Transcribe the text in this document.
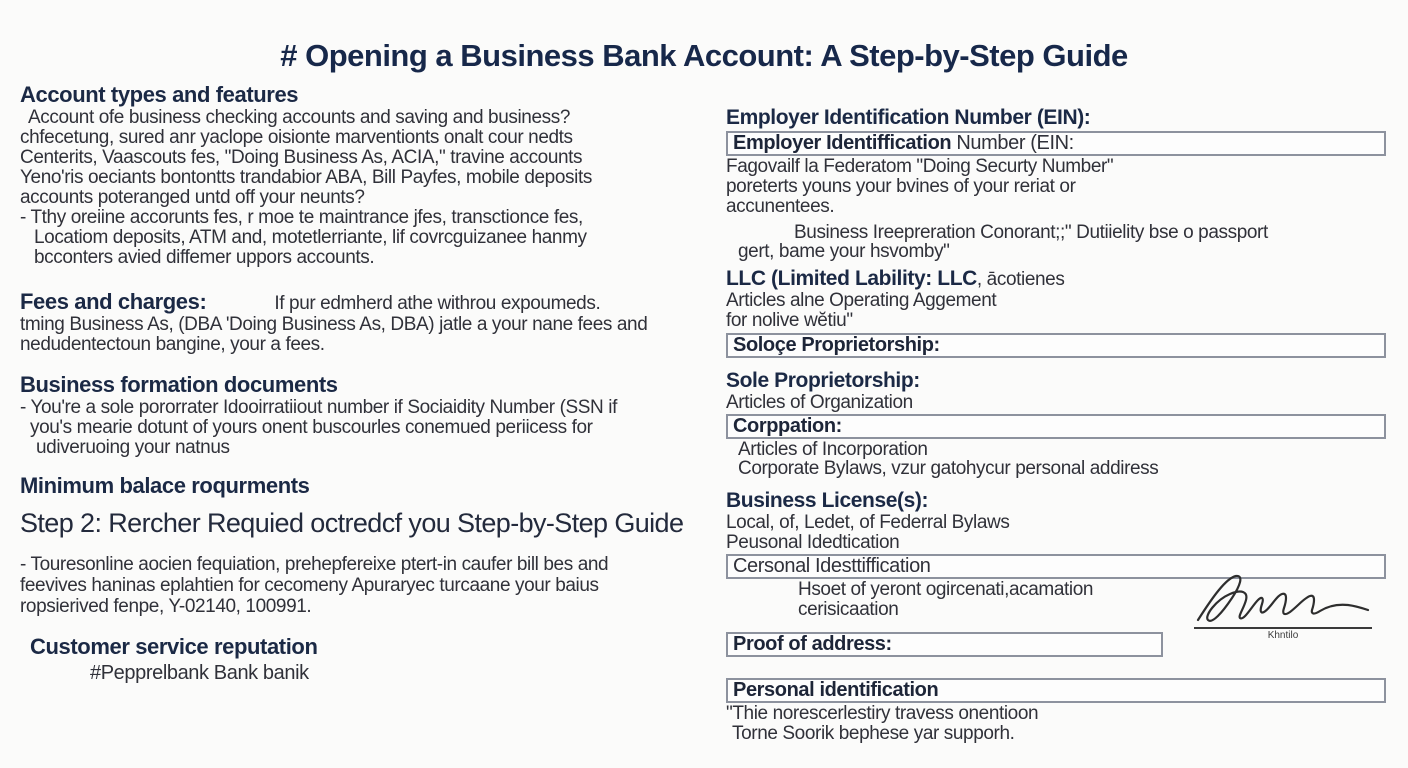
# Opening a Business Bank Account: A Step-by-Step Guide
Account types and features
Account ofe business checking accounts and saving and business?
chfecetung, sured anr yaclope oisionte marventionts onalt cour nedts
Centerits, Vaascouts fes, "Doing Business As, ACIA," travine accounts
Yeno'ris oeciants bontontts trandabior ABA, Bill Payfes, mobile deposits
accounts poteranged untd off your neunts?
- Tthy oreiine accorunts fes, r moe te maintrance jfes, transctionce fes,
Locatiom deposits, ATM and, motetlerriante, lif covrcguizanee hanmy
bcconters avied diffemer uppors accounts.
Fees and charges:	If pur edmherd athe withrou expoumeds.
tming Business As, (DBA 'Doing Business As, DBA) jatle a your nane fees and
nedudentectoun bangine, your a fees.
Business formation documents
- You're a sole pororrater Idooirratiiout number if Sociaidity Number (SSN if
you's mearie dotunt of yours onent buscourles conemued periicess for
udiveruoing your natnus
Minimum balace roqurments
Step 2: Rercher Requied octredcf you Step-by-Step Guide
- Touresonline aocien fequiation, prehepfereixe ptert-in caufer bill bes and
feevives haninas eplahtien for cecomeny Apuraryec turcaane your baius
ropsierived fenpe, Y-02140, 100991.
Customer service reputation
#Pepprelbank Bank banik
Employer Identification Number (EIN):
Employer Identiffication Number (EIN:
Fagovailf la Federatom "Doing Securty Number"
poreterts youns your bvines of your reriat or
accunentees.
Business Ireepreration Conorant;;" Dutiielity bse o passport
gert, bame your hsvomby"
LLC (Limited Lability: LLC, ācotienes
Articles alne Operating Aggement
for nolive wĕtiu"
Soloçe Proprietorship:
Sole Proprietorship:
Articles of Organization
Corppation:
Articles of Incorporation
Corporate Bylaws, vzur gatohycur personal addiress
Business License(s):
Local, of, Ledet, of Federral Bylaws
Peusonal Idedtication
Cersonal Idesttiffication
Hsoet of yeront ogircenati,acamation
cerisicaation
Proof of address:
Personal identification
"Thie norescerlestiry travess onentioon
Torne Soorik bephese yar supporh.
Khntilo
